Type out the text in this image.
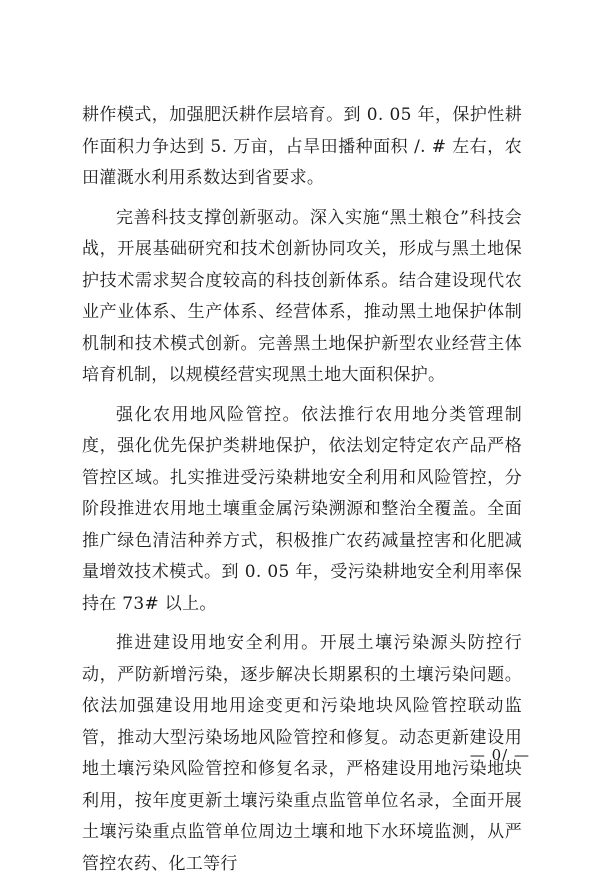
耕作模式，加强肥沃耕作层培育。到 0. 05 年，保护性耕作面积力争达到 5. 万亩，占旱田播种面积 /. # 左右，农田灌溉水利用系数达到省要求。

完善科技支撑创新驱动。深入实施“黑土粮仓”科技会战，开展基础研究和技术创新协同攻关，形成与黑土地保护技术需求契合度较高的科技创新体系。结合建设现代农业产业体系、生产体系、经营体系，推动黑土地保护体制机制和技术模式创新。完善黑土地保护新型农业经营主体培育机制，以规模经营实现黑土地大面积保护。

强化农用地风险管控。依法推行农用地分类管理制度，强化优先保护类耕地保护，依法划定特定农产品严格管控区域。扎实推进受污染耕地安全利用和风险管控，分阶段推进农用地土壤重金属污染溯源和整治全覆盖。全面推广绿色清洁种养方式，积极推广农药减量控害和化肥减量增效技术模式。到 0. 05 年，受污染耕地安全利用率保持在 73# 以上。

推进建设用地安全利用。开展土壤污染源头防控行动，严防新增污染，逐步解决长期累积的土壤污染问题。依法加强建设用地用途变更和污染地块风险管控联动监管，推动大型污染场地风险管控和修复。动态更新建设用地土壤污染风险管控和修复名录，严格建设用地污染地块利用，按年度更新土壤污染重点监管单位名录，全面开展土壤污染重点监管单位周边土壤和地下水环境监测，从严管控农药、化工等行

— 0/ —
